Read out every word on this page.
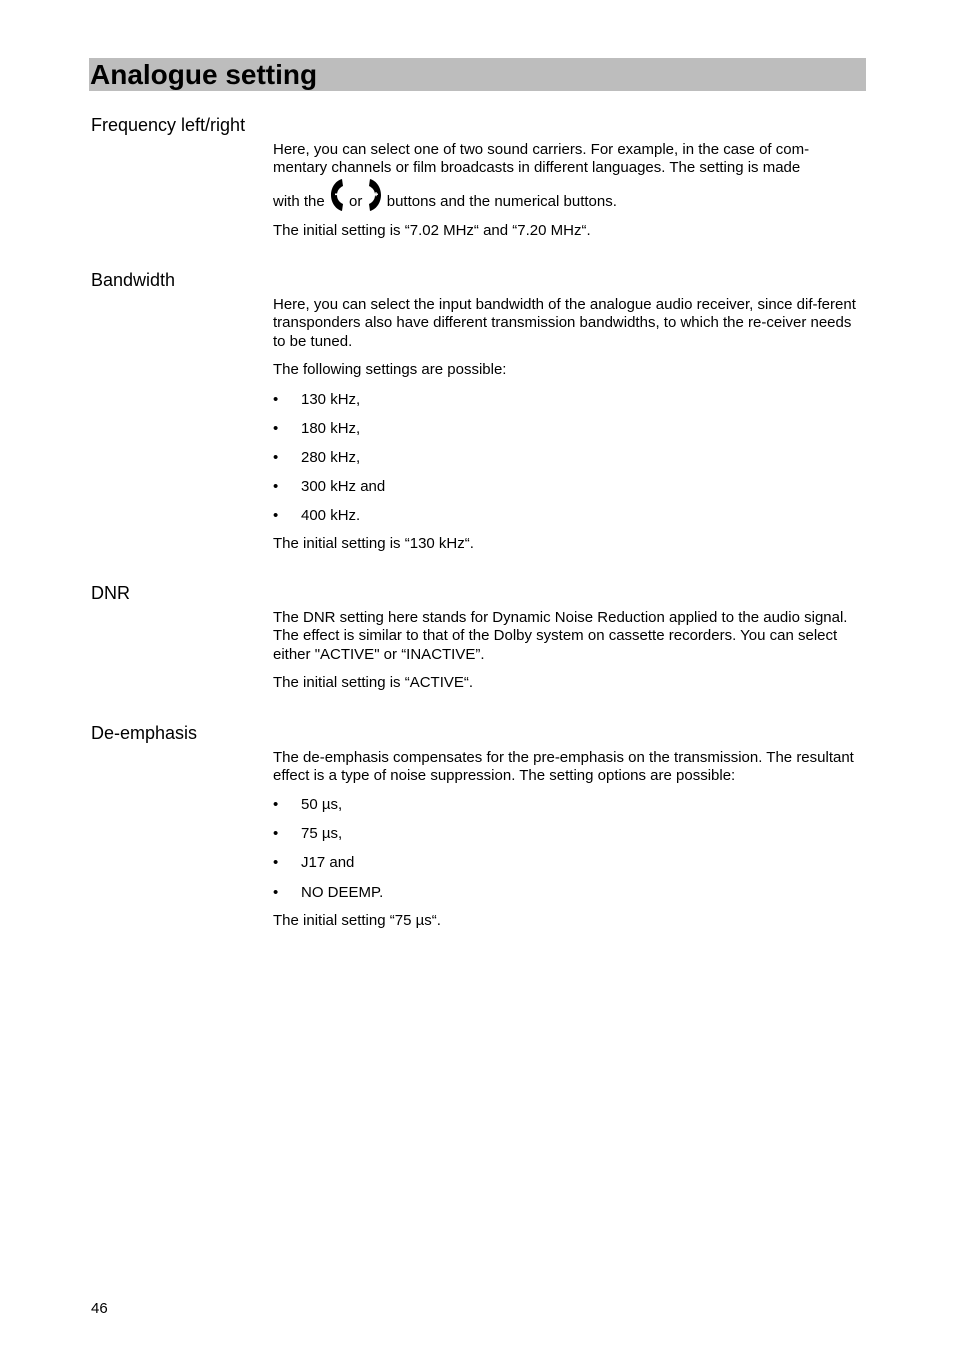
Analogue setting
Frequency left/right

Here, you can select one of two sound carriers. For example, in the case of com-mentary channels or film broadcasts in different languages. The setting is made

with the or buttons and the numerical buttons.

The initial setting is “7.02 MHz“ and “7.20 MHz“.

Bandwidth

Here, you can select the input bandwidth of the analogue audio receiver, since dif-ferent transponders also have different transmission bandwidths, to which the re-ceiver needs to be tuned.

The following settings are possible:

•	130 kHz,
•	180 kHz,
•	280 kHz,
•	300 kHz and
•	400 kHz.

The initial setting is “130 kHz“.

DNR

The DNR setting here stands for Dynamic Noise Reduction applied to the audio signal. The effect is similar to that of the Dolby system on cassette recorders. You can select either "ACTIVE" or “INACTIVE”.

The initial setting is “ACTIVE“.

De-emphasis

The de-emphasis compensates for the pre-emphasis on the transmission. The resultant effect is a type of noise suppression. The setting options are possible:

•	50 µs,
•	75 µs,
•	J17 and
•	NO DEEMP.

The initial setting “75 µs“.

46
